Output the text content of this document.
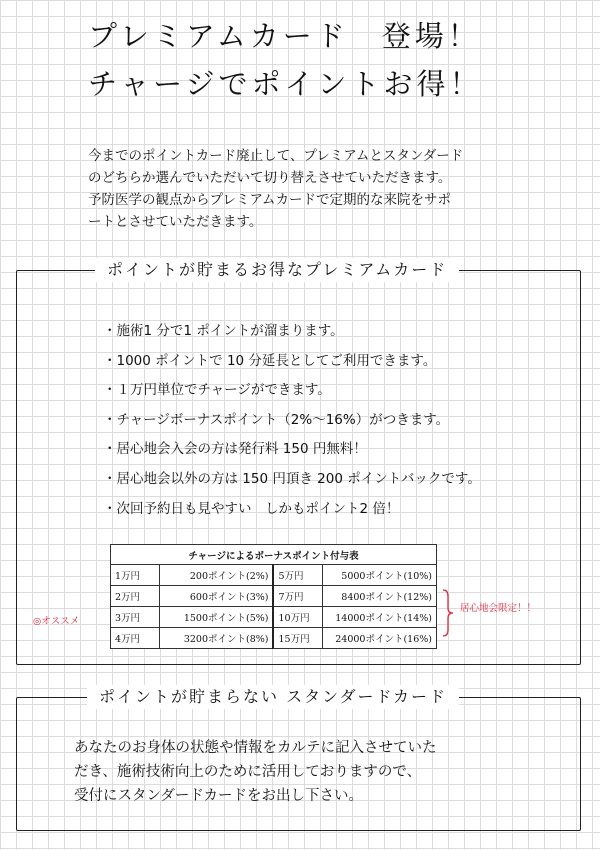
プレミアムカード　登場！
チャージでポイントお得！

今までのポイントカード廃止して、プレミアムとスタンダード
のどちらか選んでいただいて切り替えさせていただきます。
予防医学の観点からプレミアムカードで定期的な来院をサポ
ートとさせていただきます。

ポイントが貯まるお得なプレミアムカード
・ 施術1 分で1 ポイントが溜まります。
・ 1000 ポイントで 10 分延長としてご利用できます。
・ １万円単位でチャージができます。
・ チャージボーナスポイント（2%〜16%）がつきます。
・ 居心地会入会の方は発行料 150 円無料！
・ 居心地会以外の方は 150 円頂き 200 ポイントバックです。
・ 次回予約日も見やすい　しかもポイント2 倍！
チャージによるボーナスポイント付与表			
1万円	200ポイント(2%)	5万円	5000ポイント(10%)
2万円	600ポイント(3%)	7万円	8400ポイント(12%)
3万円	1500ポイント(5%)	10万円	14000ポイント(14%)
4万円	3200ポイント(8%)	15万円	24000ポイント(16%)
◎オススメ
居心地会限定！！
ポイントが貯まらない スタンダードカード

あなたのお身体の状態や情報をカルテに記入させていた
だき、施術技術向上のために活用しておりますので、
受付にスタンダードカードをお出し下さい。
